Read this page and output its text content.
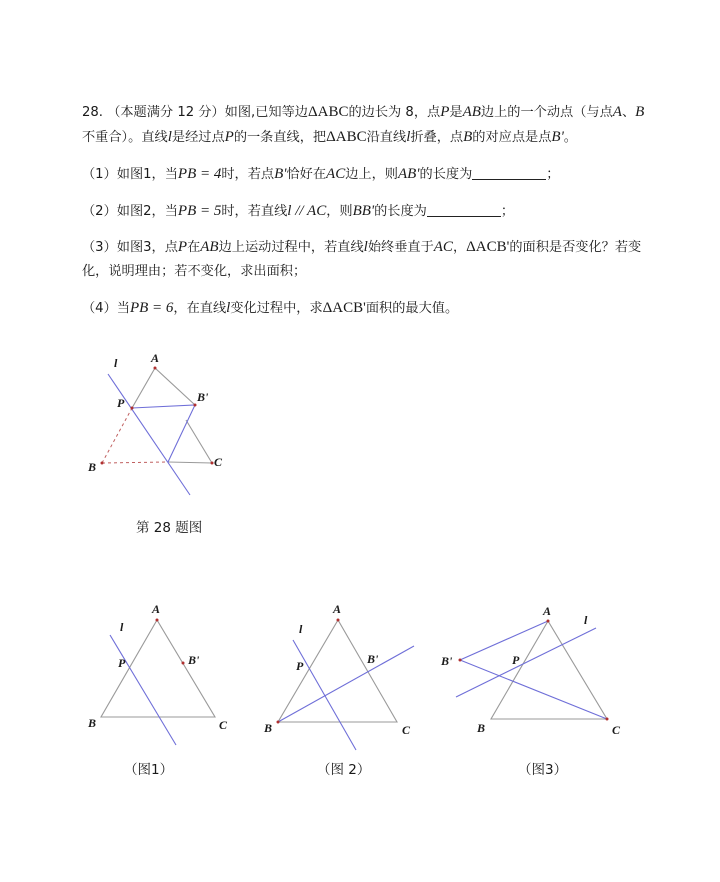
28. （本题满分 12 分）如图,已知等边ΔABC的边长为 8，点P是AB边上的一个动点（与点A、B不重合）。直线l是经过点P的一条直线，把ΔABC沿直线l折叠，点B的对应点是点B'。
（1）如图1，当PB = 4时，若点B'恰好在AC边上，则AB'的长度为	；
（2）如图2，当PB = 5时，若直线l // AC，则BB'的长度为	；
（3）如图3，点P在AB边上运动过程中，若直线l始终垂直于AC，ΔACB'的面积是否变化？若变化，说明理由；若不变化，求出面积；
（4）当PB = 6，在直线l变化过程中，求ΔACB'面积的最大值。
A
P	B'
B	C
l
A
P	B'
B	C
l
A
P	B'
B	C
l
A
P
B'
B	C
l
第 28 题图
（图1）	（图 2）	（图3）
